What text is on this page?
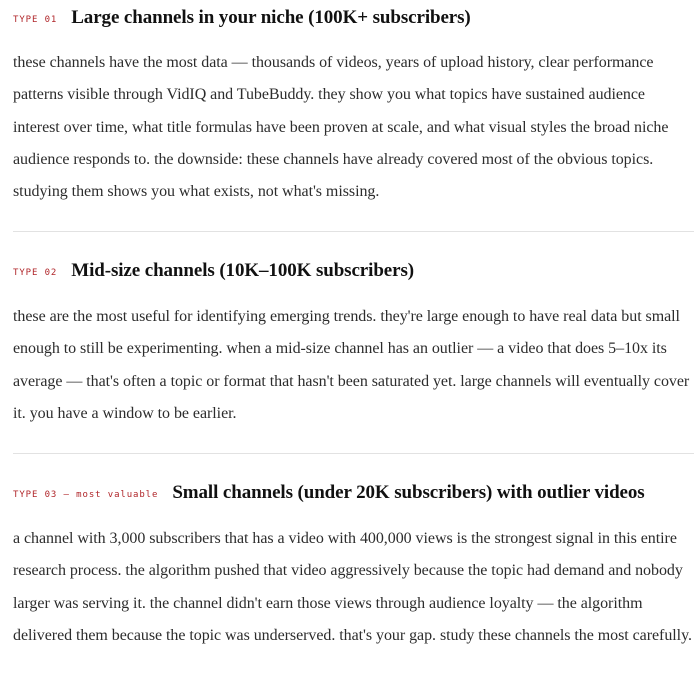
TYPE 01 Large channels in your niche (100K+ subscribers)

these channels have the most data — thousands of videos, years of upload history, clear performance patterns visible through VidIQ and TubeBuddy. they show you what topics have sustained audience interest over time, what title formulas have been proven at scale, and what visual styles the broad niche audience responds to. the downside: these channels have already covered most of the obvious topics. studying them shows you what exists, not what's missing.

TYPE 02 Mid-size channels (10K–100K subscribers)

these are the most useful for identifying emerging trends. they're large enough to have real data but small enough to still be experimenting. when a mid-size channel has an outlier — a video that does 5–10x its average — that's often a topic or format that hasn't been saturated yet. large channels will eventually cover it. you have a window to be earlier.

TYPE 03 — most valuable Small channels (under 20K subscribers) with outlier videos

a channel with 3,000 subscribers that has a video with 400,000 views is the strongest signal in this entire research process. the algorithm pushed that video aggressively because the topic had demand and nobody larger was serving it. the channel didn't earn those views through audience loyalty — the algorithm delivered them because the topic was underserved. that's your gap. study these channels the most carefully.
